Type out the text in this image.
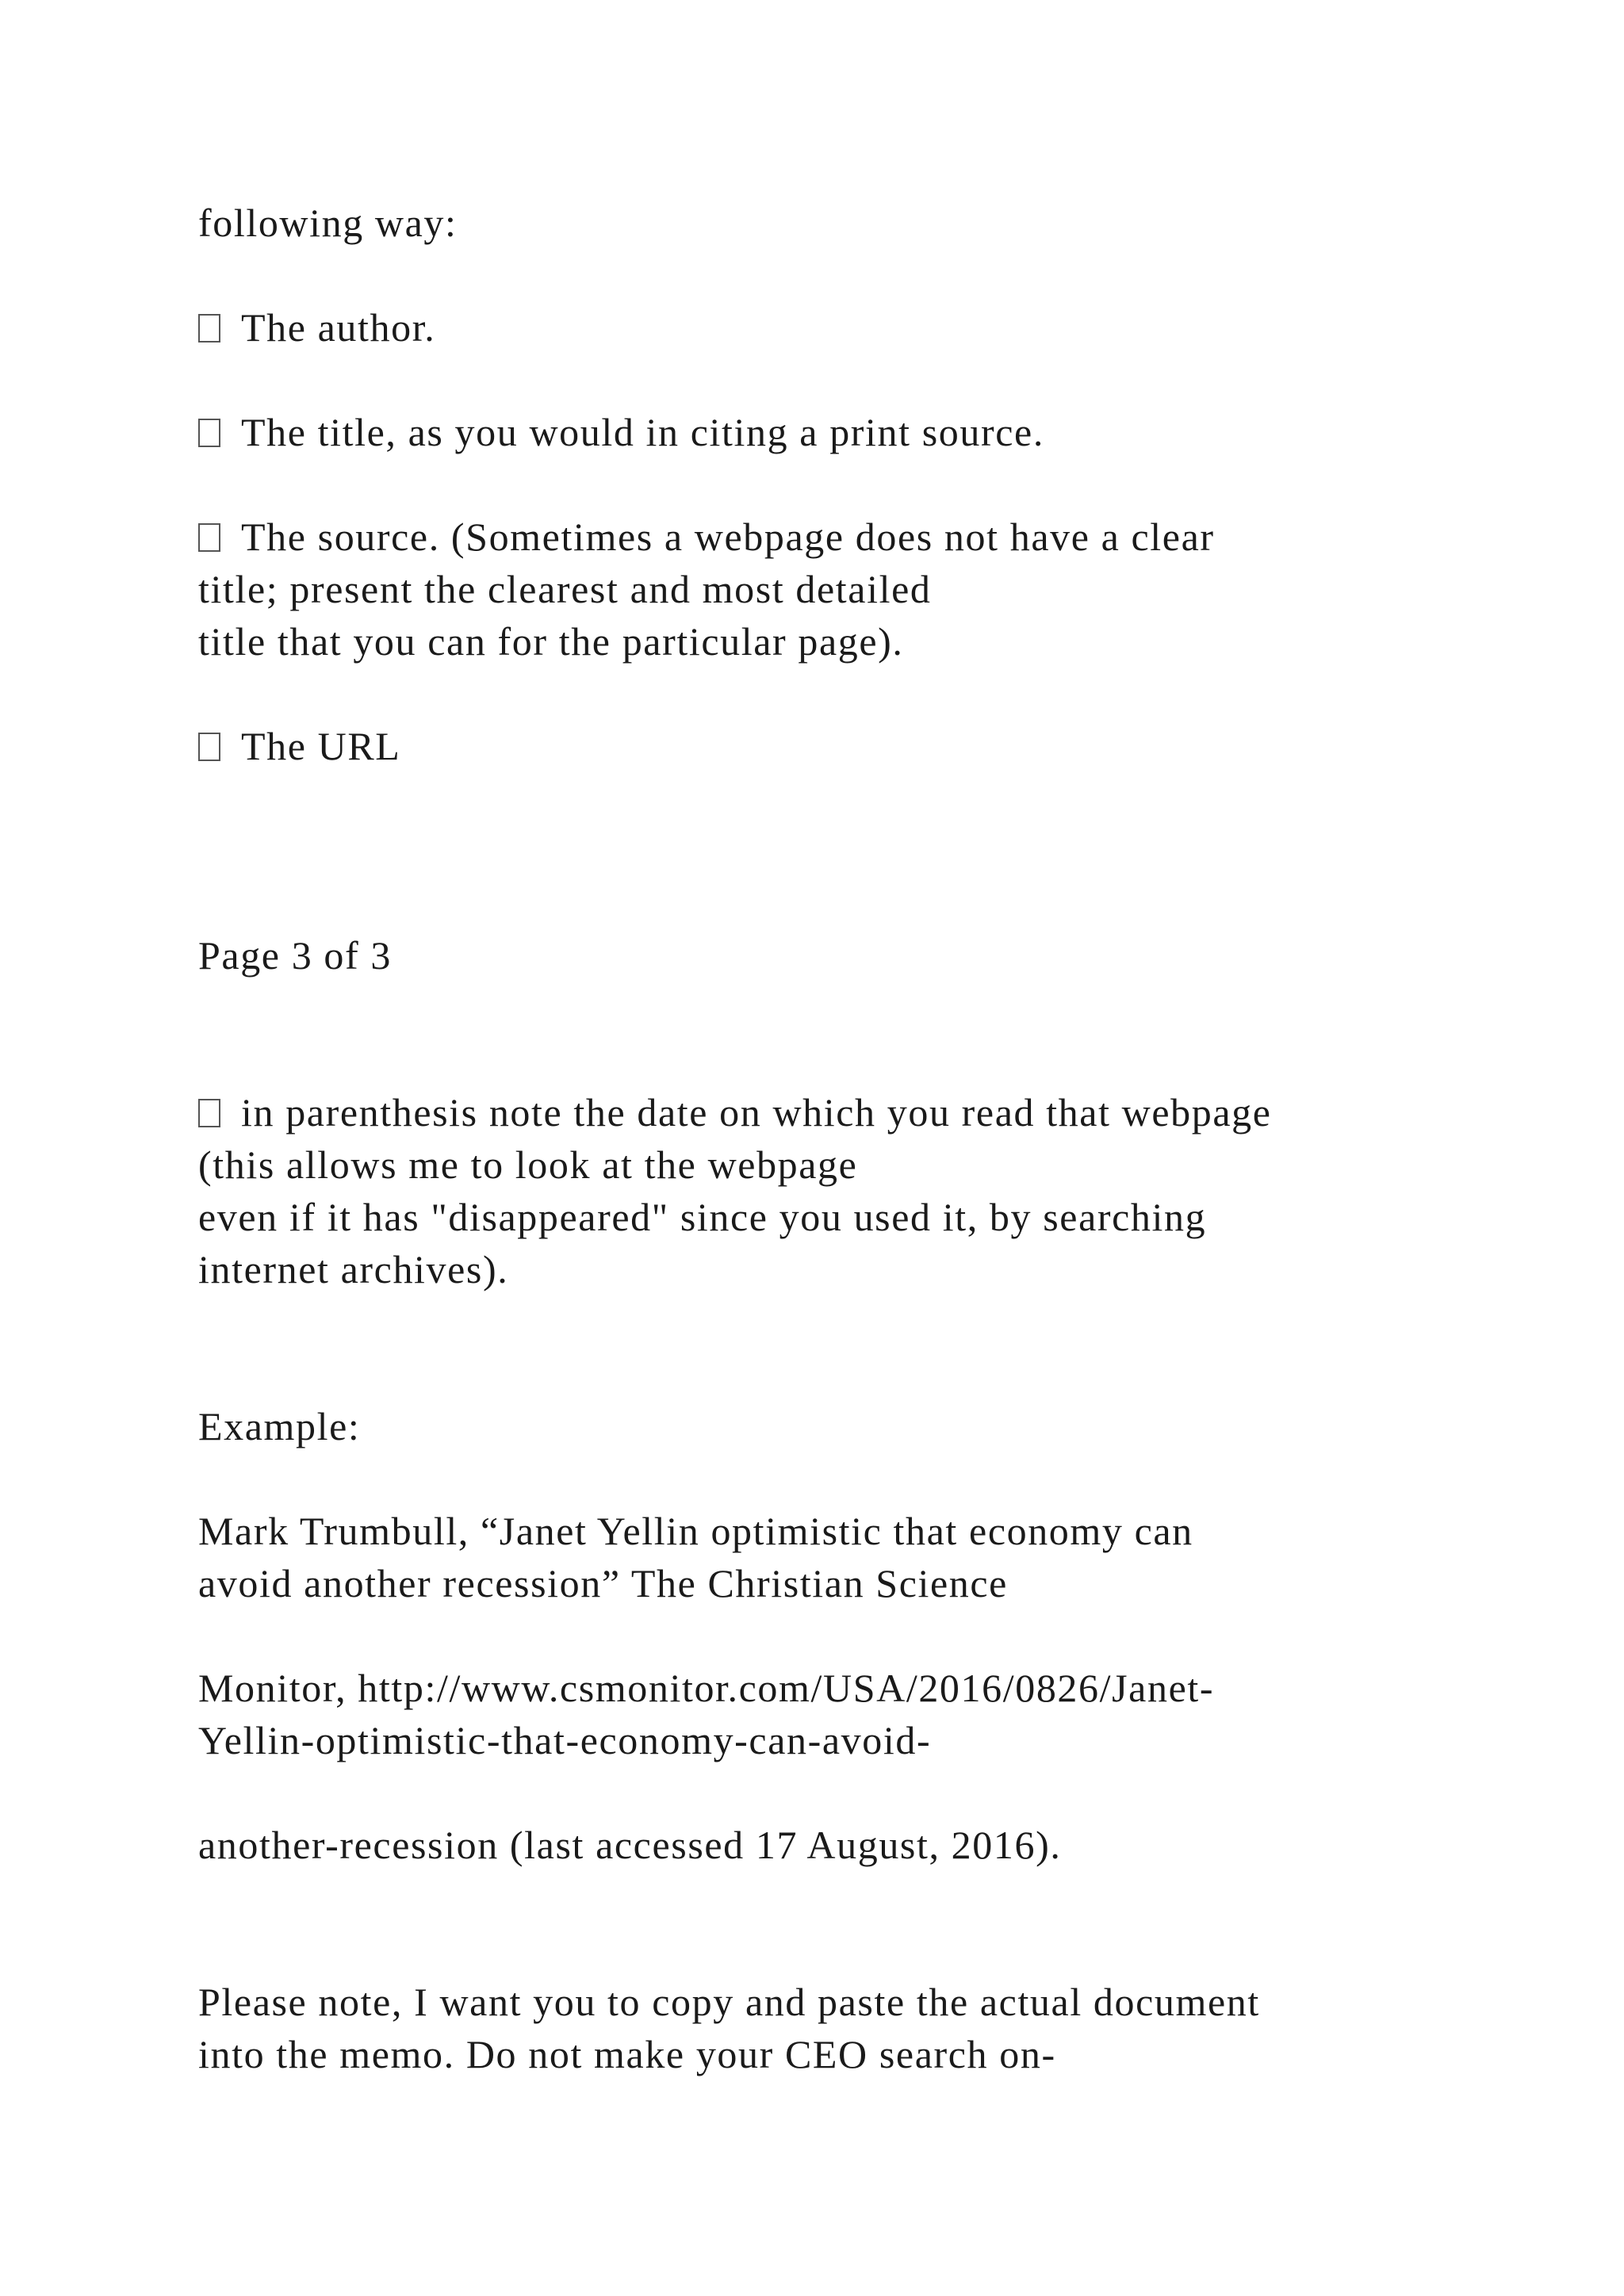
following way:
The author.
The title, as you would in citing a print source.
The source. (Sometimes a webpage does not have a clear
title; present the clearest and most detailed
title that you can for the particular page).
The URL
Page 3 of 3
in parenthesis note the date on which you read that webpage
(this allows me to look at the webpage
even if it has "disappeared" since you used it, by searching
internet archives).
Example:
Mark Trumbull, “Janet Yellin optimistic that economy can
avoid another recession” The Christian Science
Monitor, http://www.csmonitor.com/USA/2016/0826/Janet-
Yellin-optimistic-that-economy-can-avoid-
another-recession (last accessed 17 August, 2016).
Please note, I want you to copy and paste the actual document
into the memo. Do not make your CEO search on-
